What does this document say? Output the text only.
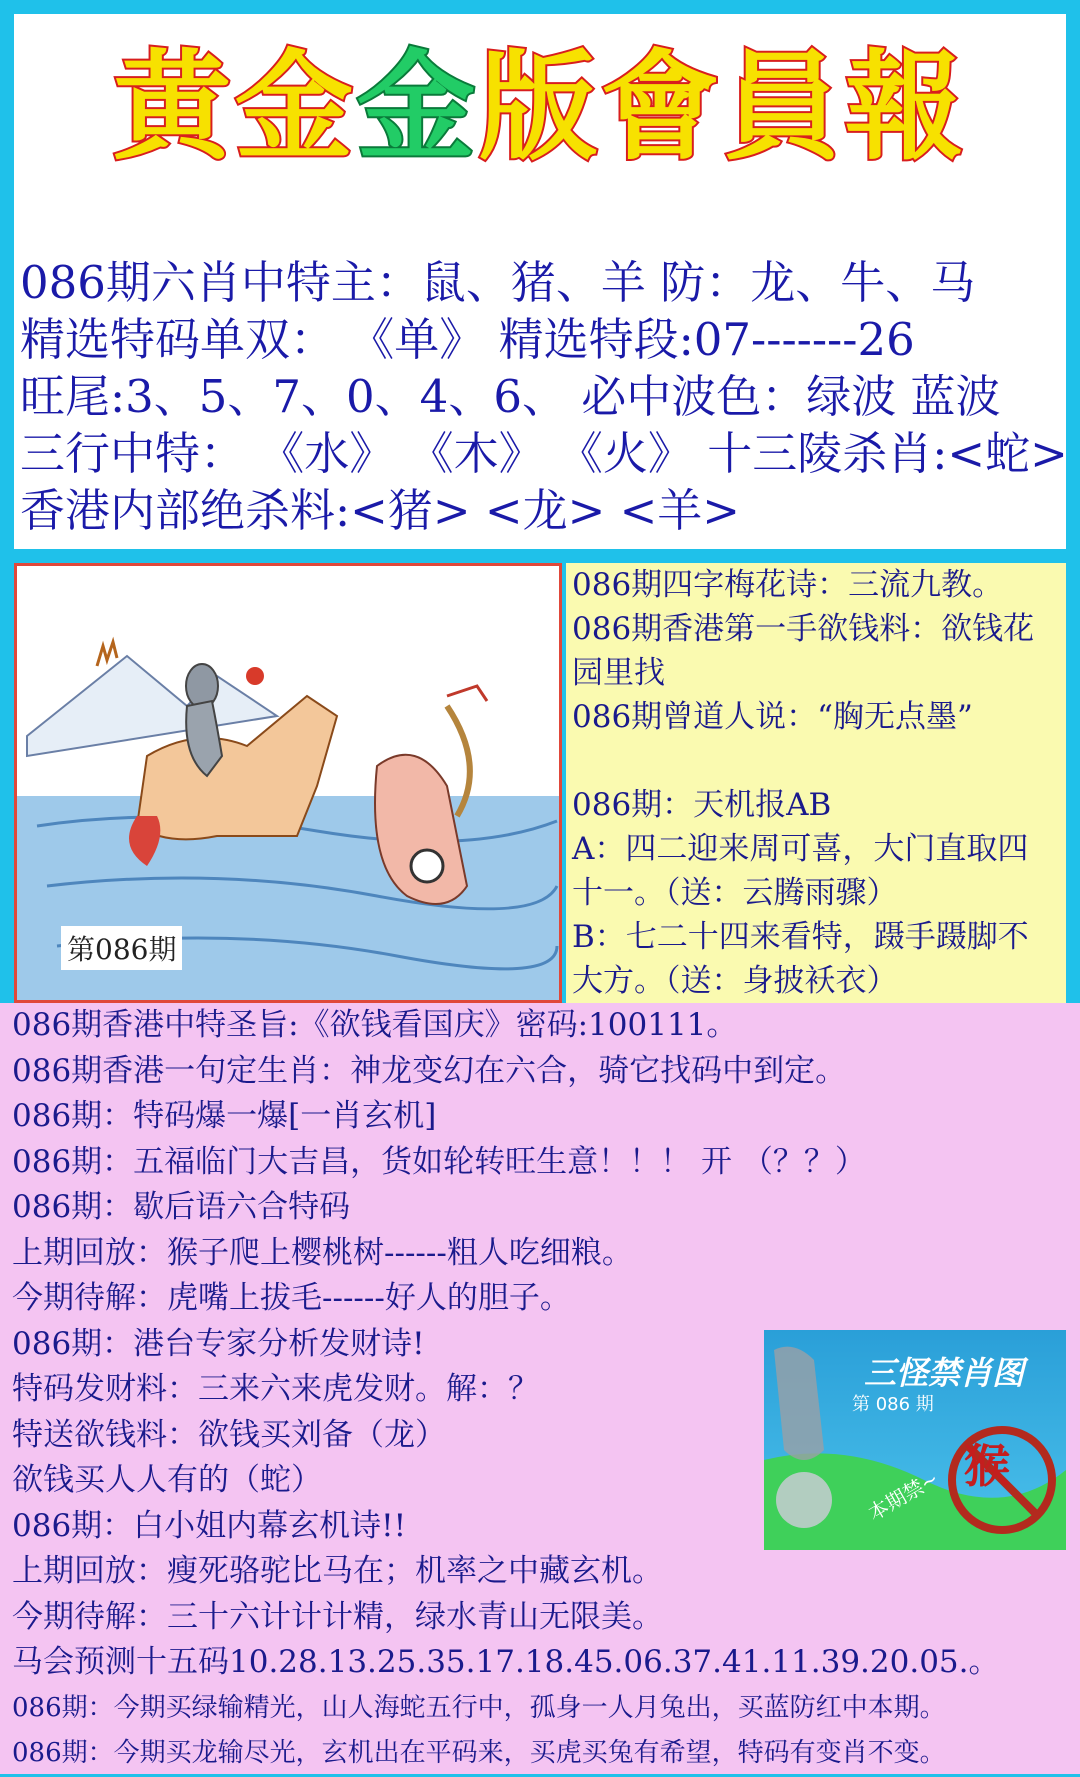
黄 金 金 版 會 員 報
086期六肖中特主：鼠、猪、羊 防：龙、牛、马
精选特码单双： 《单》 精选特段:07-------26
旺尾:3、5、7、0、4、6、 必中波色：绿波 蓝波
三行中特： 《水》 《木》 《火》 十三陵杀肖:<蛇>
香港内部绝杀料:<猪> <龙> <羊>
第086期
086期四字梅花诗：三流九教。
086期香港第一手欲钱料：欲钱花
园里找
086期曾道人说：“胸无点墨”

086期：天机报AB
A：四二迎来周可喜，大门直取四
十一。（送：云腾雨骤）
B：七二十四来看特，蹑手蹑脚不
大方。（送：身披袄衣）
086期香港中特圣旨:《欲钱看国庆》密码:100111。
086期香港一句定生肖：神龙变幻在六合，骑它找码中到定。
086期：特码爆一爆[一肖玄机]
086期：五福临门大吉昌，货如轮转旺生意！！！ 开 （？？）
086期：歇后语六合特码
上期回放：猴子爬上樱桃树------粗人吃细粮。
今期待解：虎嘴上拔毛------好人的胆子。
086期：港台专家分析发财诗!
特码发财料：三来六来虎发财。解：？
特送欲钱料：欲钱买刘备（龙）
欲钱买人人有的（蛇）
086期：白小姐内幕玄机诗!!
上期回放：瘦死骆驼比马在；机率之中藏玄机。
今期待解：三十六计计计精，绿水青山无限美。
马会预测十五码10.28.13.25.35.17.18.45.06.37.41.11.39.20.05.。
086期：今期买绿输精光，山人海蛇五行中，孤身一人月兔出，买蓝防红中本期。
086期：今期买龙输尽光，玄机出在平码来，买虎买兔有希望，特码有变肖不变。
三怪禁肖图
第 086 期
本期禁~
猴
